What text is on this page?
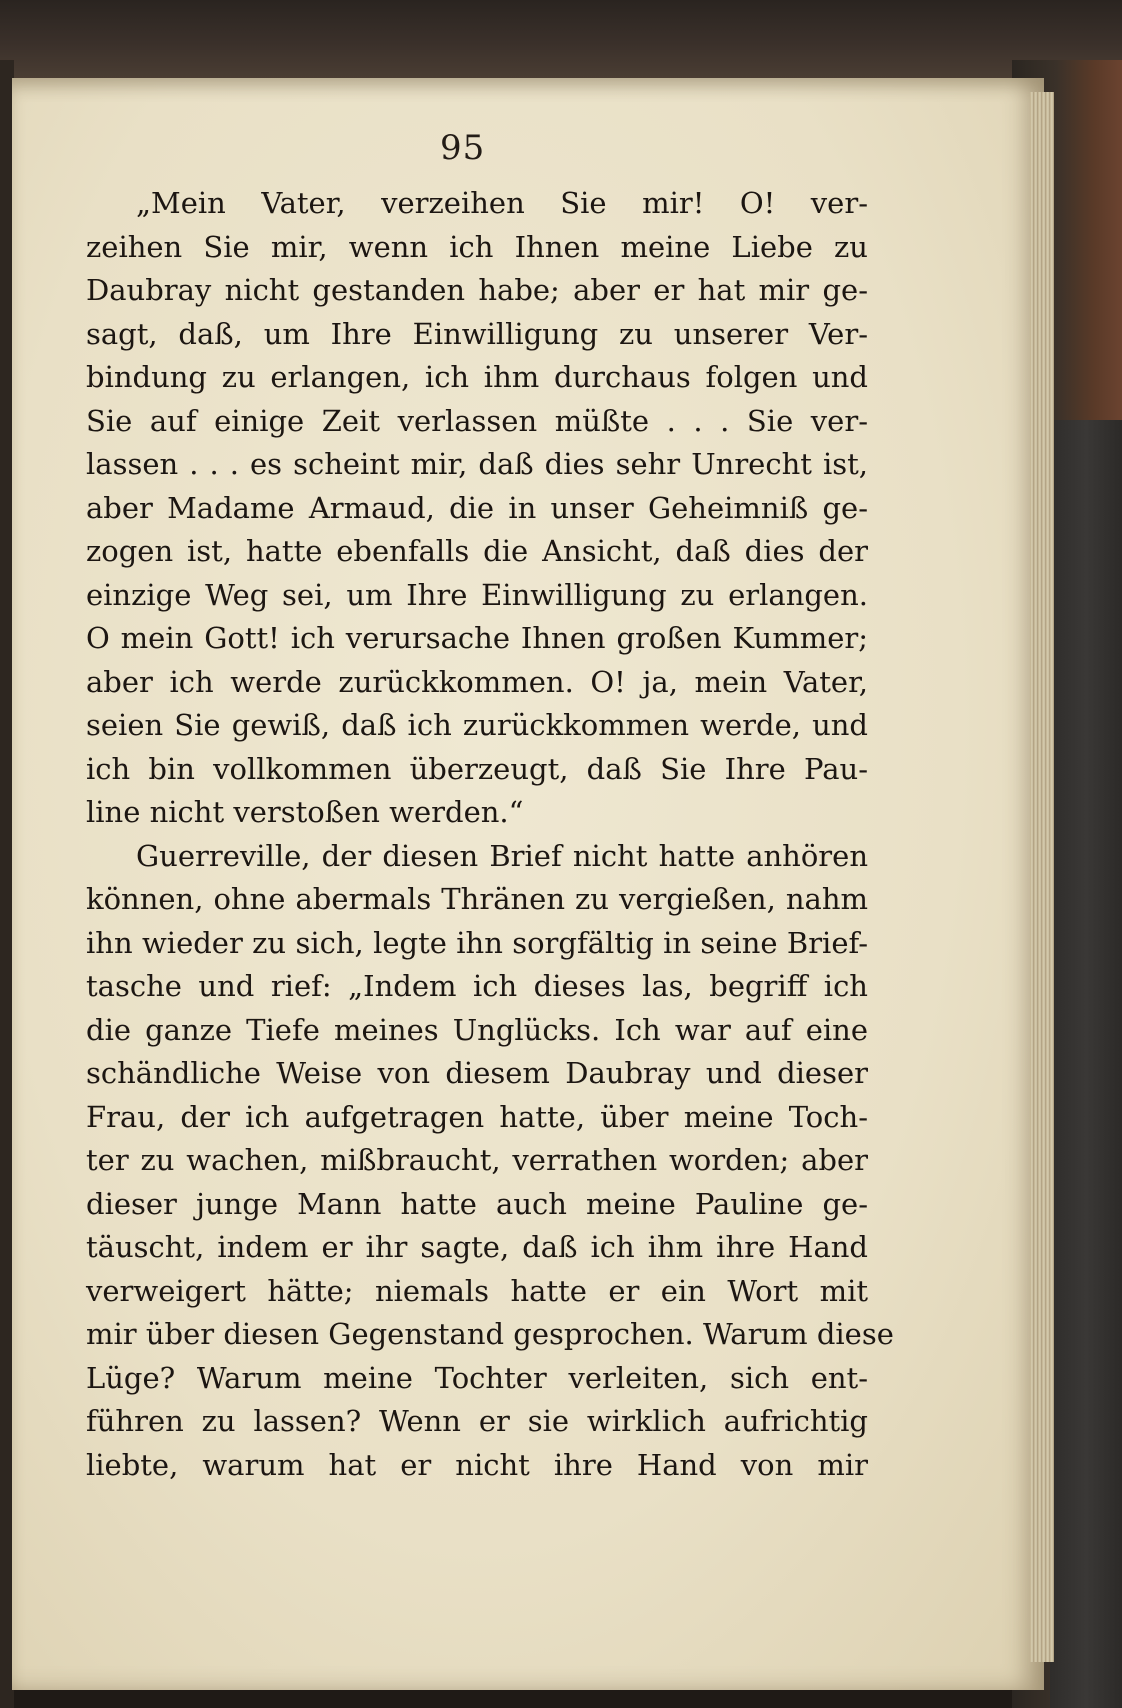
95
„Mein Vater, verzeihen Sie mir! O! ver-
zeihen Sie mir, wenn ich Ihnen meine Liebe zu
Daubray nicht gestanden habe; aber er hat mir ge-
sagt, daß, um Ihre Einwilligung zu unserer Ver-
bindung zu erlangen, ich ihm durchaus folgen und
Sie auf einige Zeit verlassen müßte . . . Sie ver-
lassen . . . es scheint mir, daß dies sehr Unrecht ist,
aber Madame Armaud, die in unser Geheimniß ge-
zogen ist, hatte ebenfalls die Ansicht, daß dies der
einzige Weg sei, um Ihre Einwilligung zu erlangen.
O mein Gott! ich verursache Ihnen großen Kummer;
aber ich werde zurückkommen. O! ja, mein Vater,
seien Sie gewiß, daß ich zurückkommen werde, und
ich bin vollkommen überzeugt, daß Sie Ihre Pau-
line nicht verstoßen werden.“
Guerreville, der diesen Brief nicht hatte anhören
können, ohne abermals Thränen zu vergießen, nahm
ihn wieder zu sich, legte ihn sorgfältig in seine Brief-
tasche und rief: „Indem ich dieses las, begriff ich
die ganze Tiefe meines Unglücks. Ich war auf eine
schändliche Weise von diesem Daubray und dieser
Frau, der ich aufgetragen hatte, über meine Toch-
ter zu wachen, mißbraucht, verrathen worden; aber
dieser junge Mann hatte auch meine Pauline ge-
täuscht, indem er ihr sagte, daß ich ihm ihre Hand
verweigert hätte; niemals hatte er ein Wort mit
mir über diesen Gegenstand gesprochen. Warum diese
Lüge? Warum meine Tochter verleiten, sich ent-
führen zu lassen? Wenn er sie wirklich aufrichtig
liebte, warum hat er nicht ihre Hand von mir
